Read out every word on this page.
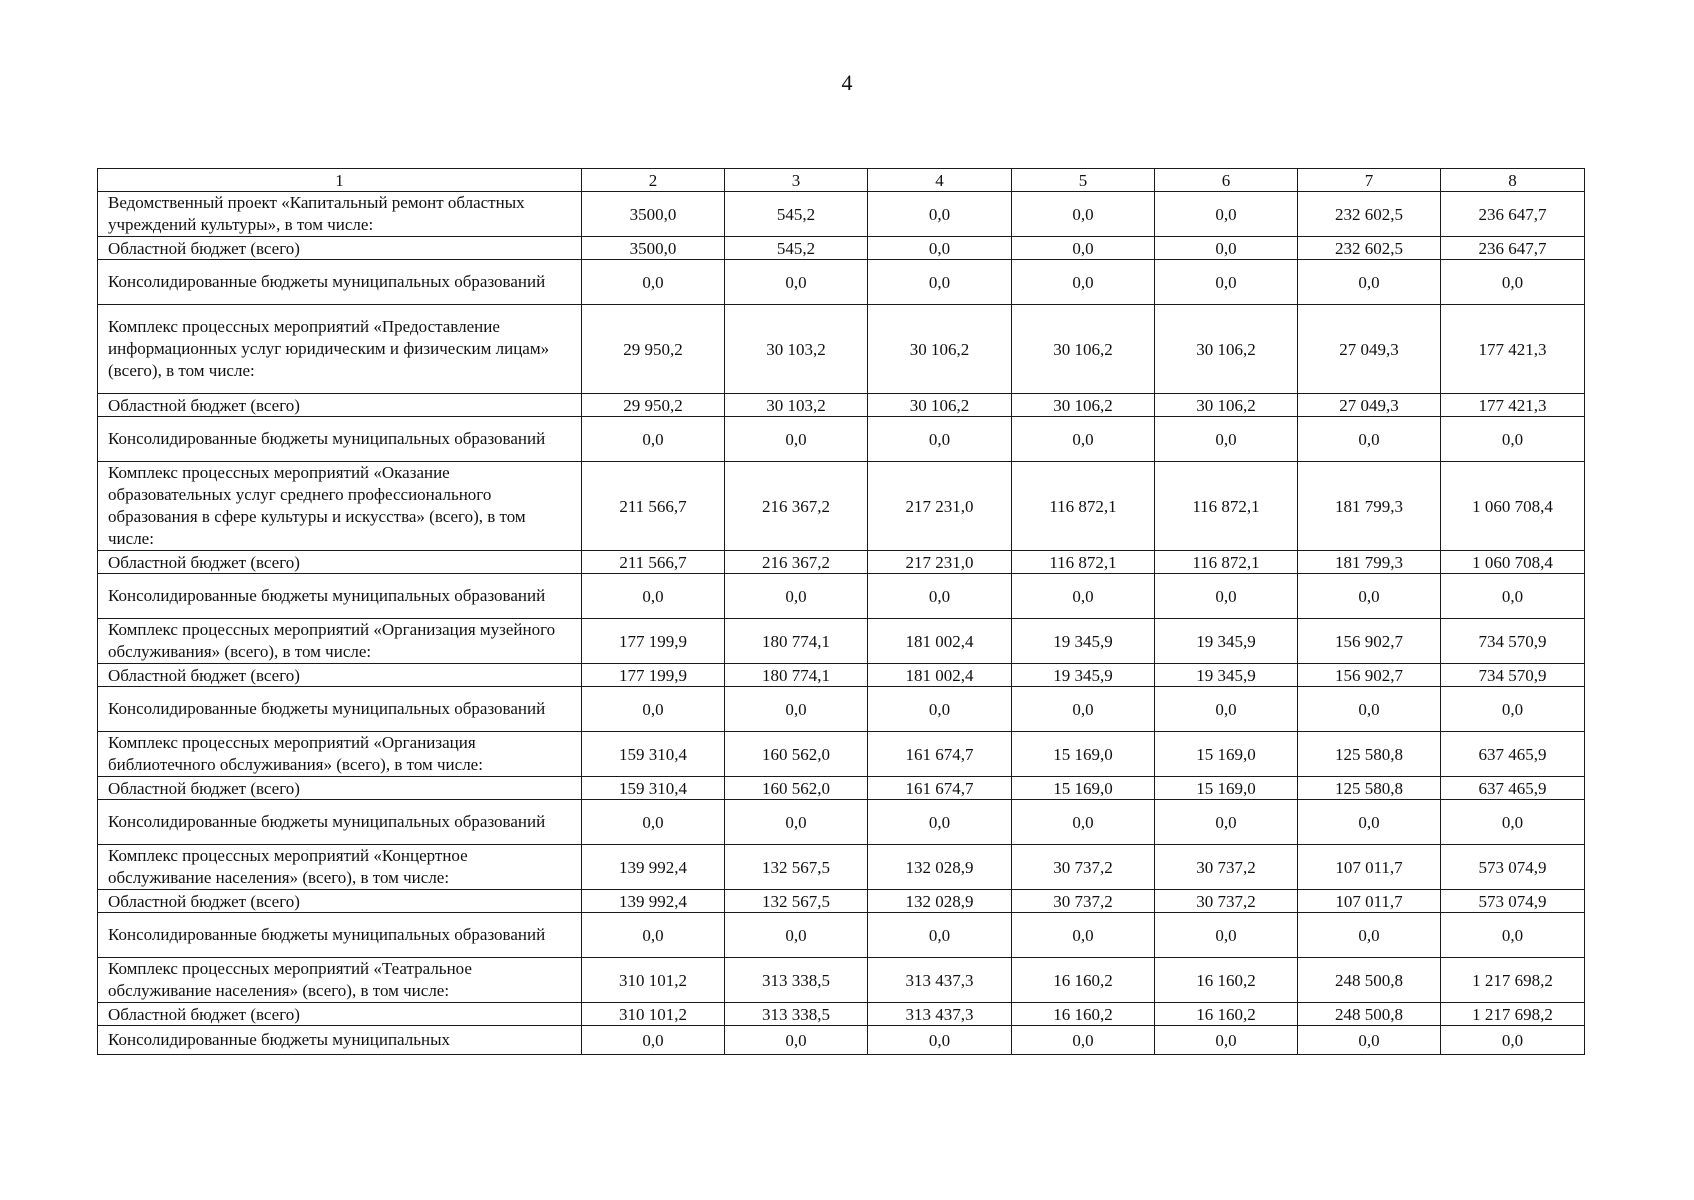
4
1	2	3	4	5	6	7	8
Ведомственный проект «Капитальный ремонт областных учреждений культуры», в том числе:	3500,0	545,2	0,0	0,0	0,0	232 602,5	236 647,7
Областной бюджет (всего)	3500,0	545,2	0,0	0,0	0,0	232 602,5	236 647,7
Консолидированные бюджеты муниципальных образований	0,0	0,0	0,0	0,0	0,0	0,0	0,0
Комплекс процессных мероприятий «Предоставление информационных услуг юридическим и физическим лицам» (всего), в том числе:	29 950,2	30 103,2	30 106,2	30 106,2	30 106,2	27 049,3	177 421,3
Областной бюджет (всего)	29 950,2	30 103,2	30 106,2	30 106,2	30 106,2	27 049,3	177 421,3
Консолидированные бюджеты муниципальных образований	0,0	0,0	0,0	0,0	0,0	0,0	0,0
Комплекс процессных мероприятий «Оказание образовательных услуг среднего профессионального образования в сфере культуры и искусства» (всего), в том числе:	211 566,7	216 367,2	217 231,0	116 872,1	116 872,1	181 799,3	1 060 708,4
Областной бюджет (всего)	211 566,7	216 367,2	217 231,0	116 872,1	116 872,1	181 799,3	1 060 708,4
Консолидированные бюджеты муниципальных образований	0,0	0,0	0,0	0,0	0,0	0,0	0,0
Комплекс процессных мероприятий «Организация музейного обслуживания» (всего), в том числе:	177 199,9	180 774,1	181 002,4	19 345,9	19 345,9	156 902,7	734 570,9
Областной бюджет (всего)	177 199,9	180 774,1	181 002,4	19 345,9	19 345,9	156 902,7	734 570,9
Консолидированные бюджеты муниципальных образований	0,0	0,0	0,0	0,0	0,0	0,0	0,0
Комплекс процессных мероприятий «Организация библиотечного обслуживания» (всего), в том числе:	159 310,4	160 562,0	161 674,7	15 169,0	15 169,0	125 580,8	637 465,9
Областной бюджет (всего)	159 310,4	160 562,0	161 674,7	15 169,0	15 169,0	125 580,8	637 465,9
Консолидированные бюджеты муниципальных образований	0,0	0,0	0,0	0,0	0,0	0,0	0,0
Комплекс процессных мероприятий «Концертное обслуживание населения» (всего), в том числе:	139 992,4	132 567,5	132 028,9	30 737,2	30 737,2	107 011,7	573 074,9
Областной бюджет (всего)	139 992,4	132 567,5	132 028,9	30 737,2	30 737,2	107 011,7	573 074,9
Консолидированные бюджеты муниципальных образований	0,0	0,0	0,0	0,0	0,0	0,0	0,0
Комплекс процессных мероприятий «Театральное обслуживание населения» (всего), в том числе:	310 101,2	313 338,5	313 437,3	16 160,2	16 160,2	248 500,8	1 217 698,2
Областной бюджет (всего)	310 101,2	313 338,5	313 437,3	16 160,2	16 160,2	248 500,8	1 217 698,2
Консолидированные бюджеты муниципальных	0,0	0,0	0,0	0,0	0,0	0,0	0,0
